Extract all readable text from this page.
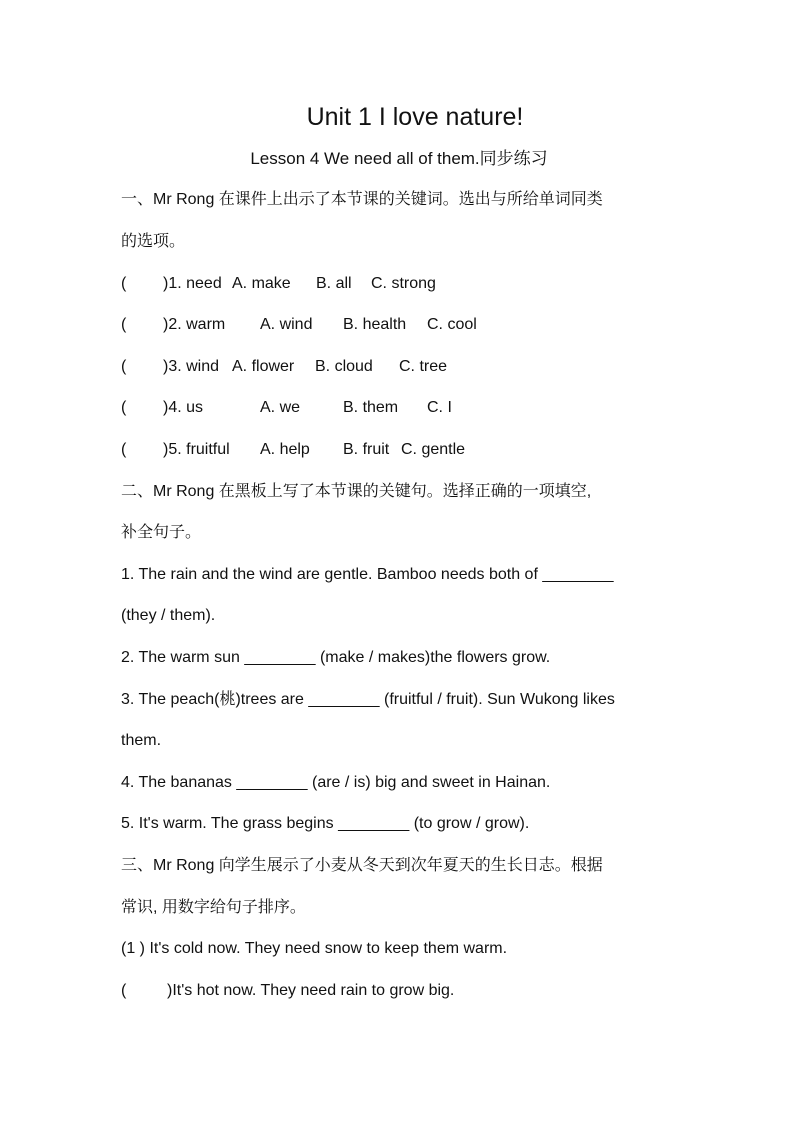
Unit 1 I love nature!
Lesson 4 We need all of them.同步练习
一、Mr Rong 在课件上出示了本节课的关键词。选出与所给单词同类
的选项。
( )1. need A. make B. all C. strong
( )2. warm A. wind B. health C. cool
( )3. wind A. flower B. cloud C. tree
( )4. us	A. we	B. them C. I
( )5. fruitful A. help B. fruit C. gentle
二、Mr Rong 在黑板上写了本节课的关键句。选择正确的一项填空,
补全句子。
1. The rain and the wind are gentle. Bamboo needs both of ________
(they / them).
2. The warm sun ________ (make / makes)the flowers grow.
3. The peach(桃)trees are ________ (fruitful / fruit). Sun Wukong likes
them.
4. The bananas ________ (are / is) big and sweet in Hainan.
5. It's warm. The grass begins ________ (to grow / grow).
三、Mr Rong 向学生展示了小麦从冬天到次年夏天的生长日志。根据
常识, 用数字给句子排序。
(1 ) It's cold now. They need snow to keep them warm.
(	)It's hot now. They need rain to grow big.
